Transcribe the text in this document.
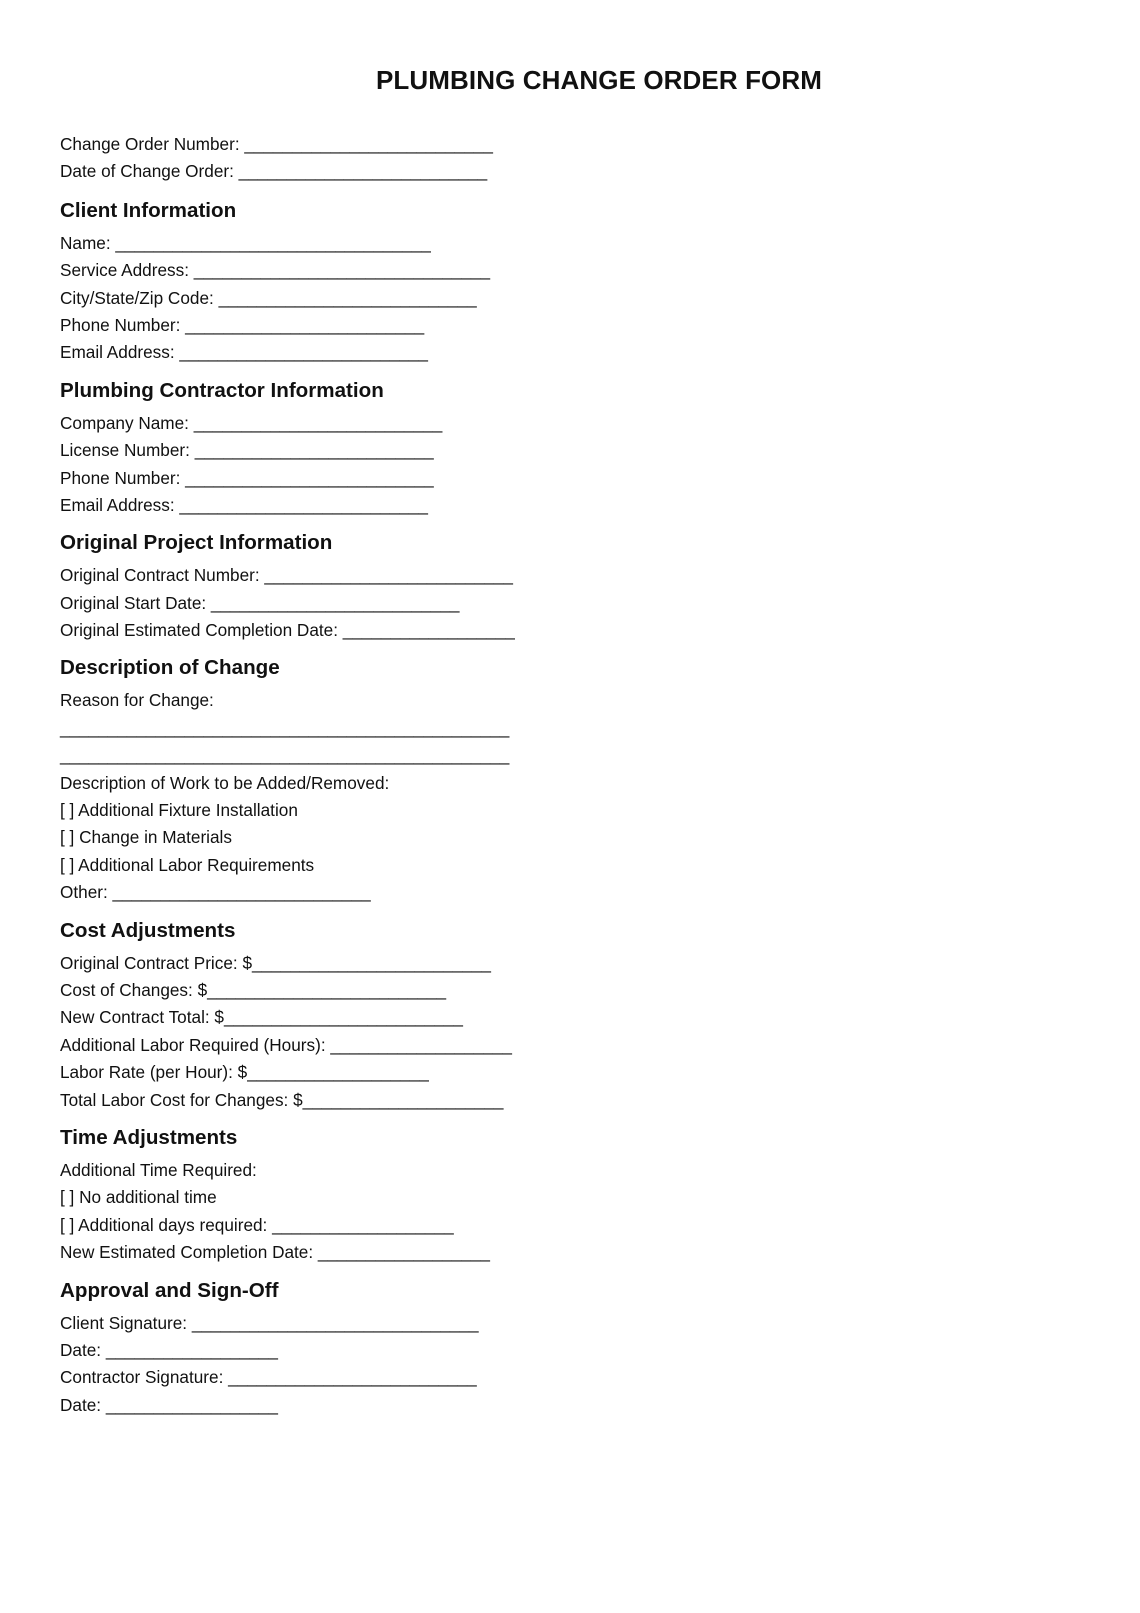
PLUMBING CHANGE ORDER FORM
Change Order Number: __________________________
Date of Change Order: __________________________
Client Information
Name: _________________________________
Service Address: _______________________________
City/State/Zip Code: ___________________________
Phone Number: _________________________
Email Address: __________________________
Plumbing Contractor Information
Company Name: __________________________
License Number: _________________________
Phone Number: __________________________
Email Address: __________________________
Original Project Information
Original Contract Number: __________________________
Original Start Date: __________________________
Original Estimated Completion Date: __________________
Description of Change
Reason for Change:
_______________________________________________
_______________________________________________
Description of Work to be Added/Removed:
[ ] Additional Fixture Installation
[ ] Change in Materials
[ ] Additional Labor Requirements
Other: ___________________________
Cost Adjustments
Original Contract Price: $_________________________
Cost of Changes: $_________________________
New Contract Total: $_________________________
Additional Labor Required (Hours): ___________________
Labor Rate (per Hour): $___________________
Total Labor Cost for Changes: $_____________________
Time Adjustments
Additional Time Required:
[ ] No additional time
[ ] Additional days required: ___________________
New Estimated Completion Date: __________________
Approval and Sign-Off
Client Signature: ______________________________
Date: __________________
Contractor Signature: __________________________
Date: __________________
